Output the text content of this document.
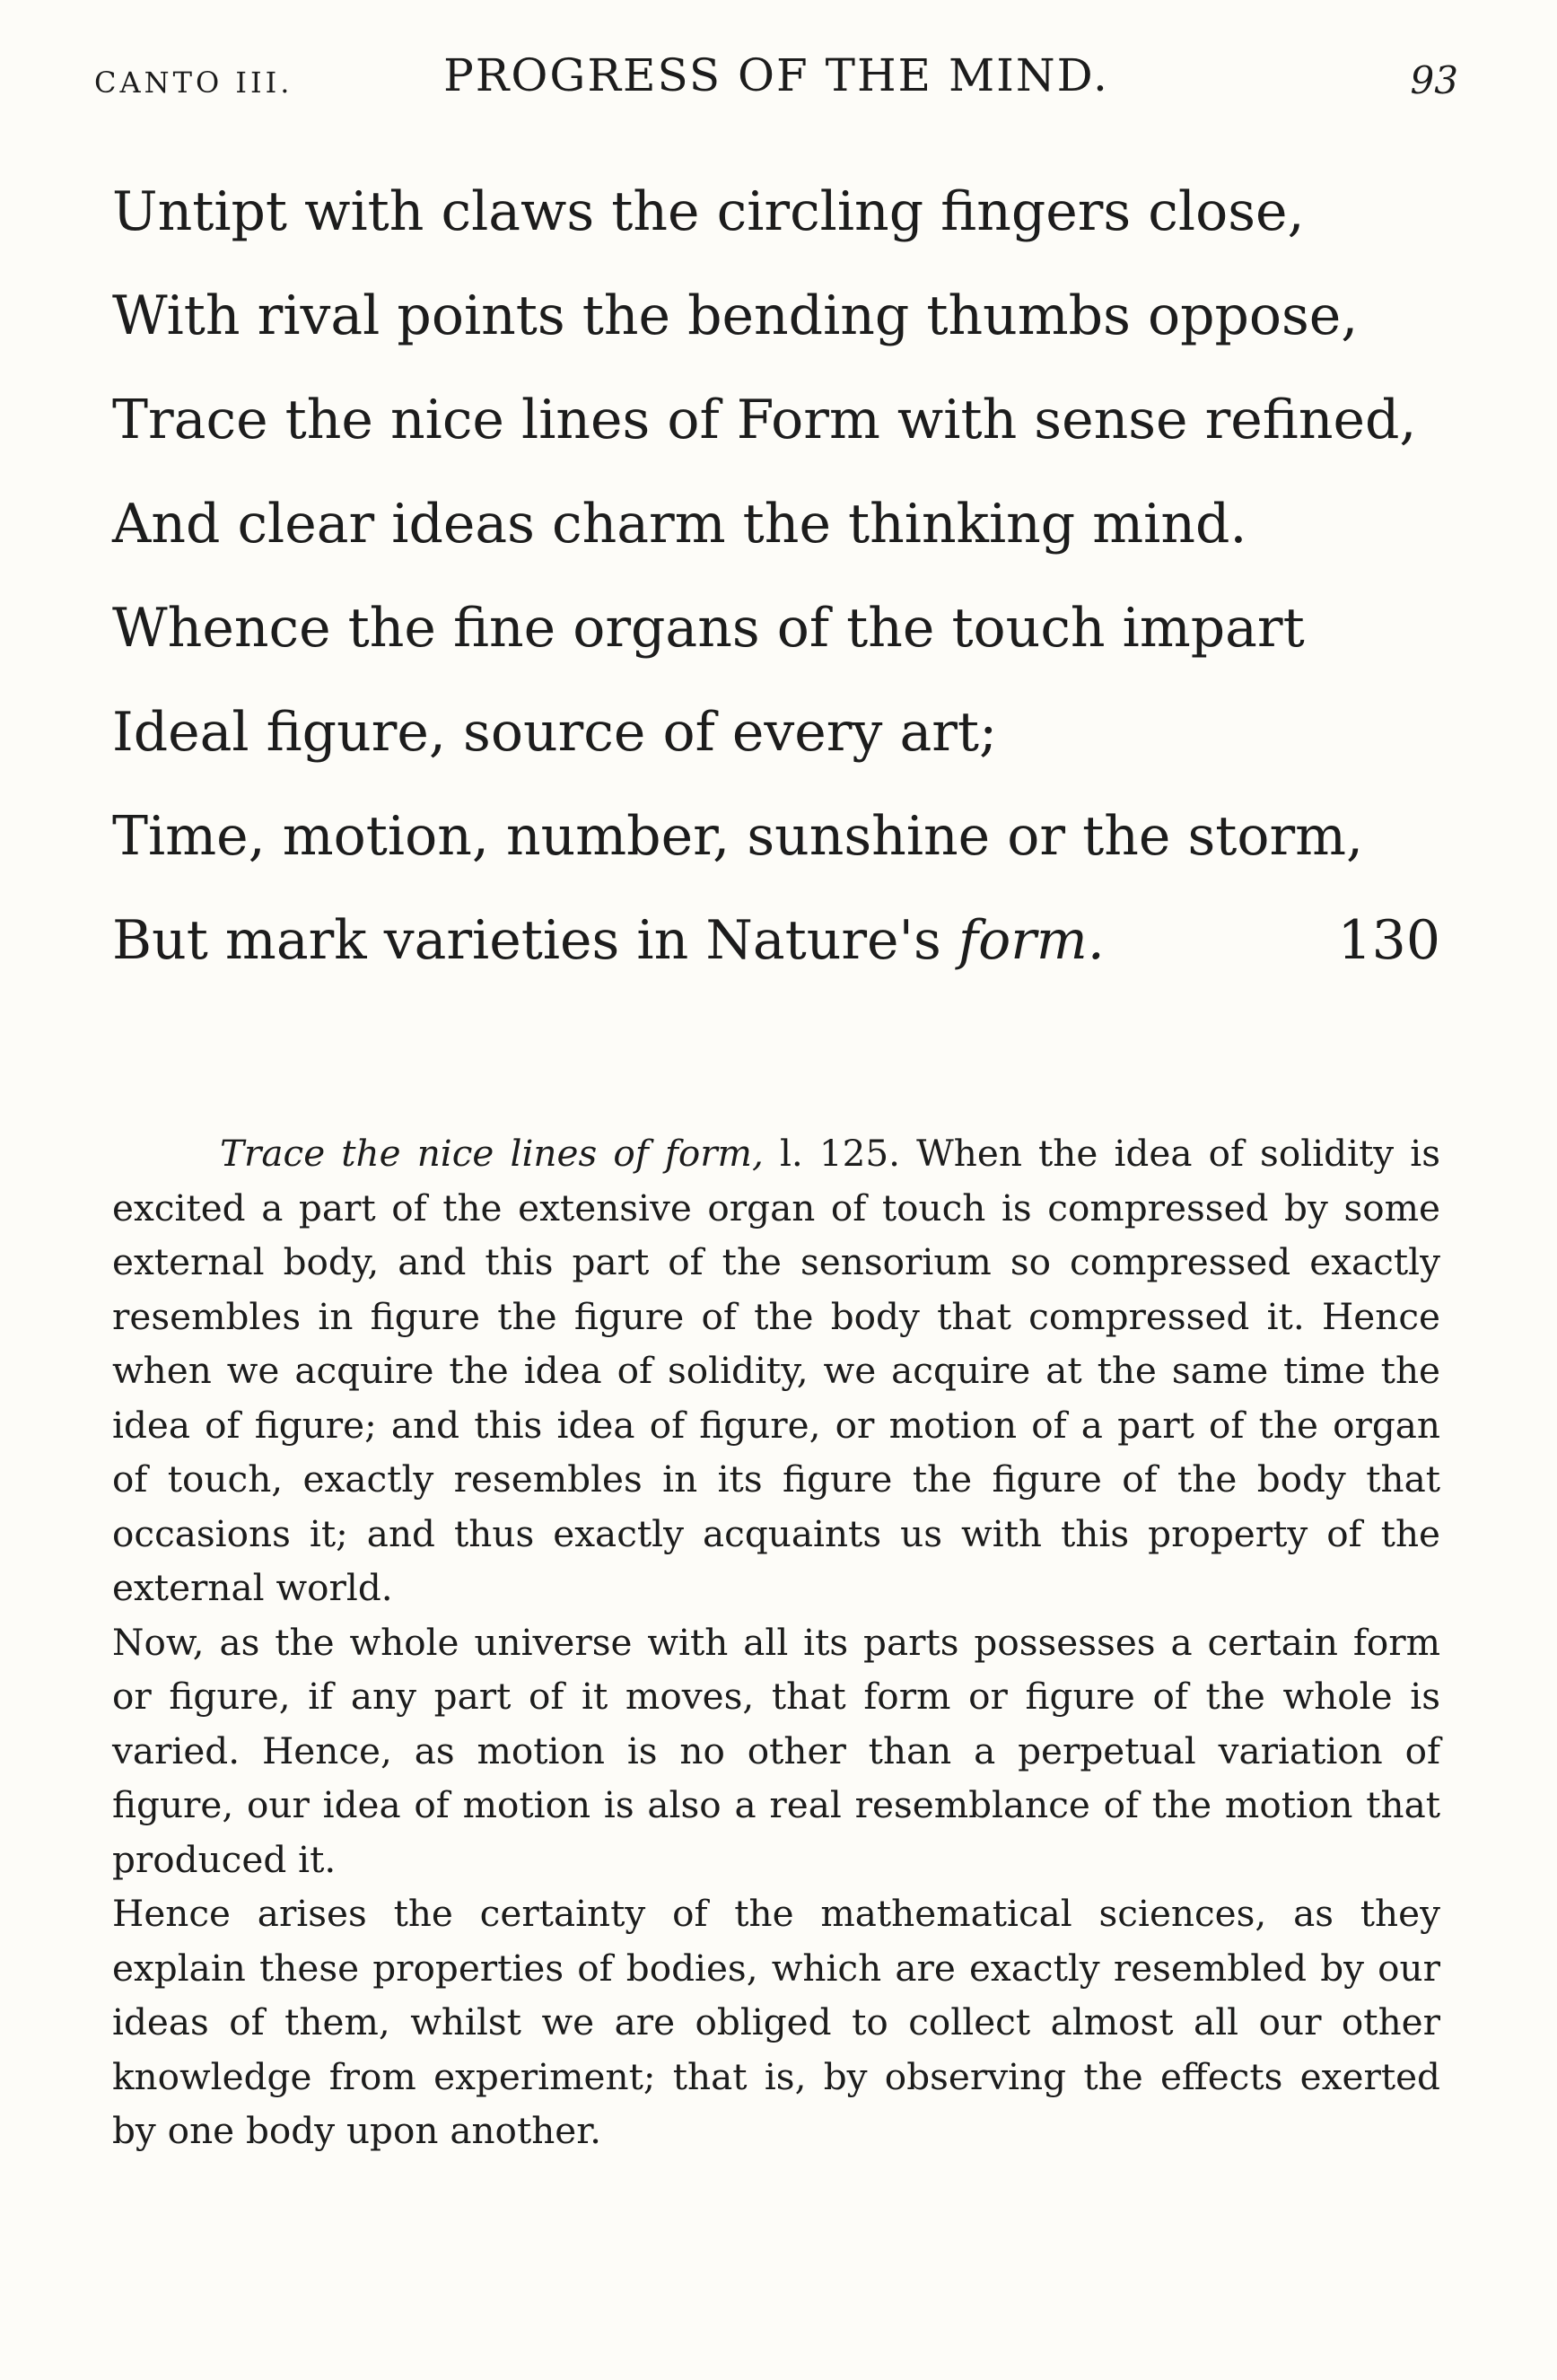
CANTO III.	PROGRESS OF THE MIND.	93
Untipt with claws the circling fingers close,
With rival points the bending thumbs oppose,
Trace the nice lines of Form with sense refined,
And clear ideas charm the thinking mind.
Whence the fine organs of the touch impart
Ideal figure, source of every art;
Time, motion, number, sunshine or the storm,
But mark varieties in Nature's form.	130

Trace the nice lines of form, l. 125. When the idea of solidity is excited a part of the extensive organ of touch is compressed by some external body, and this part of the sensorium so compressed exactly resembles in figure the figure of the body that compressed it. Hence when we acquire the idea of solidity, we acquire at the same time the idea of figure; and this idea of figure, or motion of a part of the organ of touch, exactly resembles in its figure the figure of the body that occasions it; and thus exactly acquaints us with this property of the external world.

Now, as the whole universe with all its parts possesses a certain form or figure, if any part of it moves, that form or figure of the whole is varied. Hence, as motion is no other than a perpetual variation of figure, our idea of motion is also a real resemblance of the motion that produced it.

Hence arises the certainty of the mathematical sciences, as they explain these properties of bodies, which are exactly resembled by our ideas of them, whilst we are obliged to collect almost all our other knowledge from experiment; that is, by observing the effects exerted by one body upon another.
